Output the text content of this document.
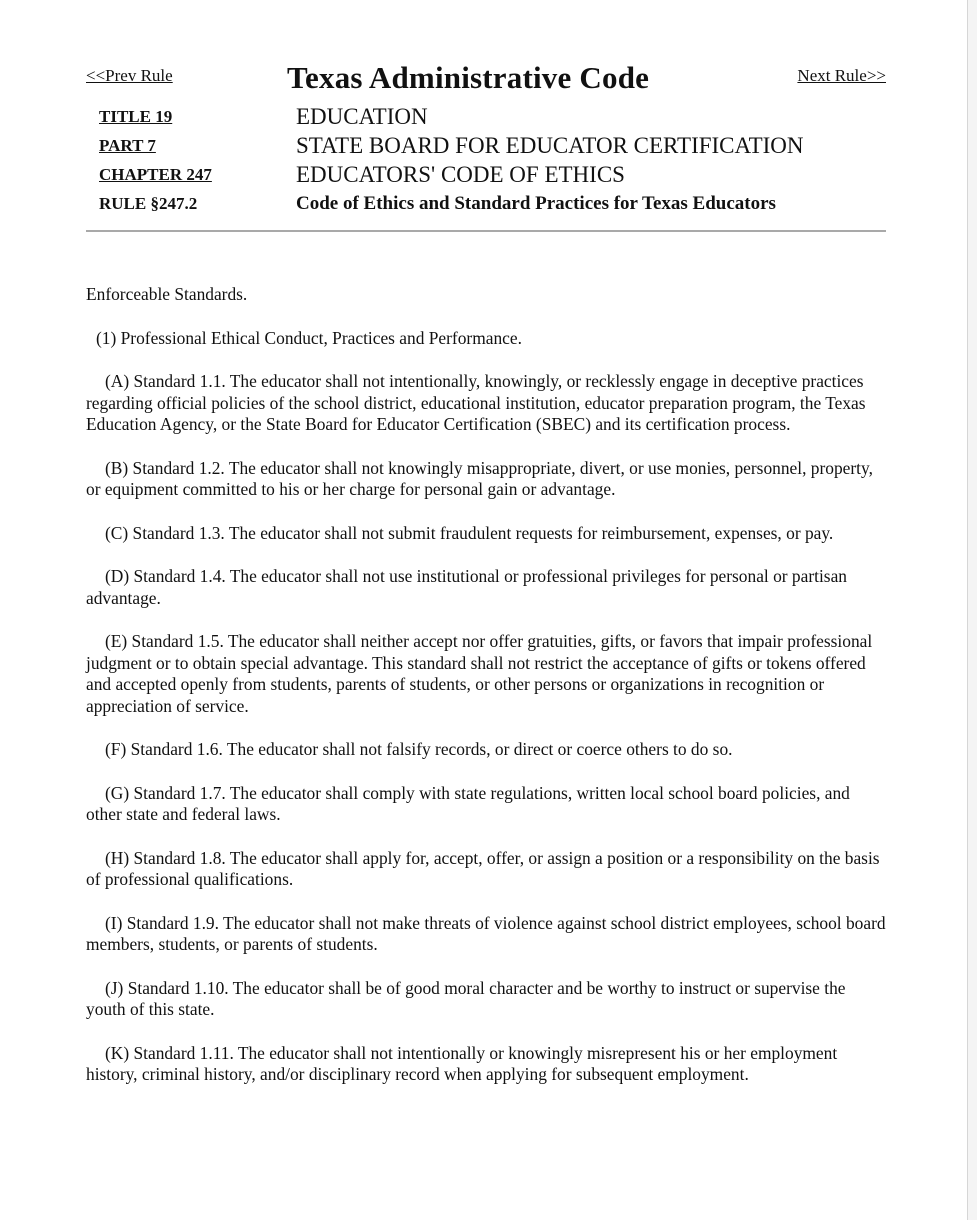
<<Prev Rule	Texas Administrative Code	Next Rule>>
TITLE 19	EDUCATION
PART 7	STATE BOARD FOR EDUCATOR CERTIFICATION
CHAPTER 247	EDUCATORS' CODE OF ETHICS
RULE §247.2	Code of Ethics and Standard Practices for Texas Educators

Enforceable Standards.

(1) Professional Ethical Conduct, Practices and Performance.

(A) Standard 1.1. The educator shall not intentionally, knowingly, or recklessly engage in deceptive practices regarding official policies of the school district, educational institution, educator preparation program, the Texas Education Agency, or the State Board for Educator Certification (SBEC) and its certification process.

(B) Standard 1.2. The educator shall not knowingly misappropriate, divert, or use monies, personnel, property, or equipment committed to his or her charge for personal gain or advantage.

(C) Standard 1.3. The educator shall not submit fraudulent requests for reimbursement, expenses, or pay.

(D) Standard 1.4. The educator shall not use institutional or professional privileges for personal or partisan advantage.

(E) Standard 1.5. The educator shall neither accept nor offer gratuities, gifts, or favors that impair professional judgment or to obtain special advantage. This standard shall not restrict the acceptance of gifts or tokens offered and accepted openly from students, parents of students, or other persons or organizations in recognition or appreciation of service.

(F) Standard 1.6. The educator shall not falsify records, or direct or coerce others to do so.

(G) Standard 1.7. The educator shall comply with state regulations, written local school board policies, and other state and federal laws.

(H) Standard 1.8. The educator shall apply for, accept, offer, or assign a position or a responsibility on the basis of professional qualifications.

(I) Standard 1.9. The educator shall not make threats of violence against school district employees, school board members, students, or parents of students.

(J) Standard 1.10. The educator shall be of good moral character and be worthy to instruct or supervise the youth of this state.

(K) Standard 1.11. The educator shall not intentionally or knowingly misrepresent his or her employment history, criminal history, and/or disciplinary record when applying for subsequent employment.
